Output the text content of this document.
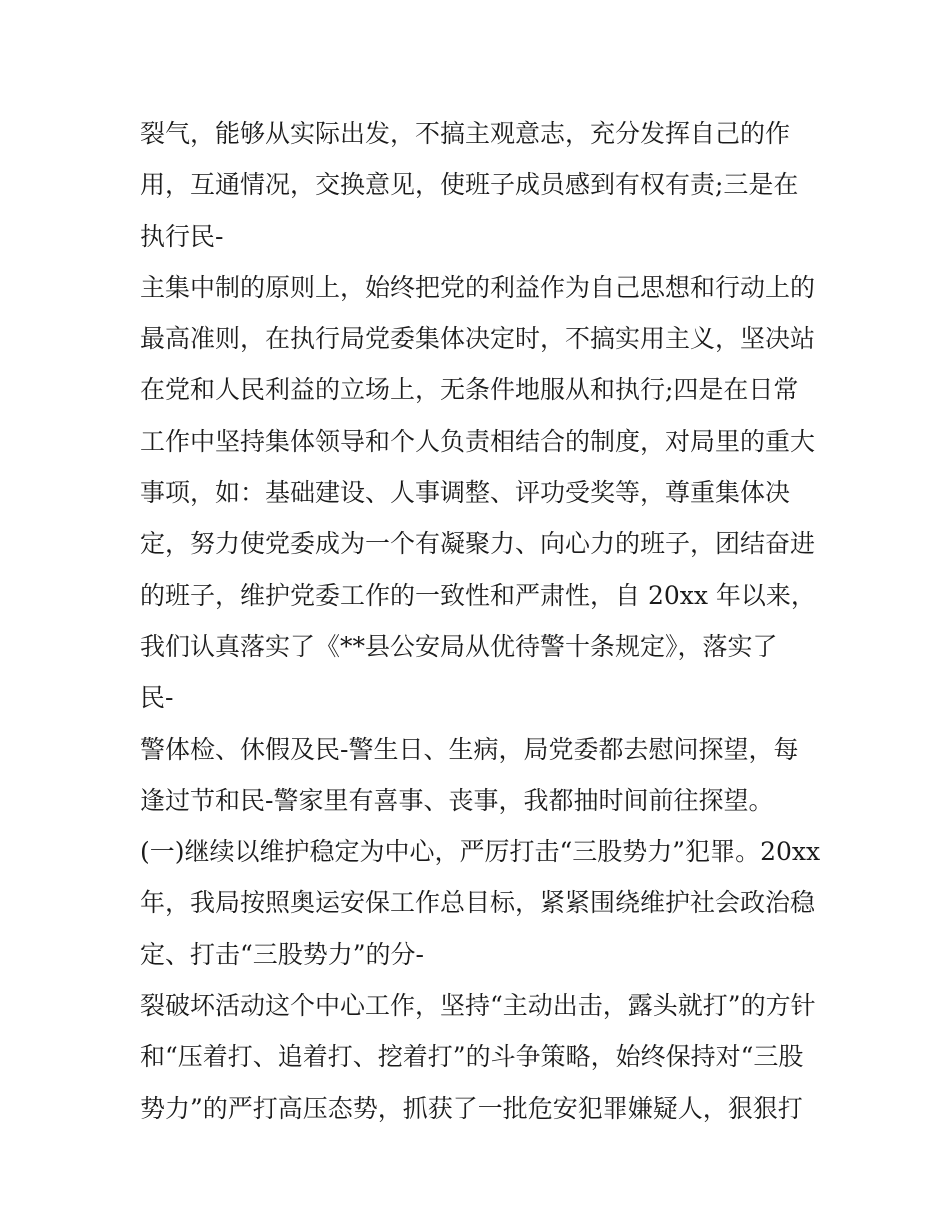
裂气，能够从实际出发，不搞主观意志，充分发挥自己的作
用，互通情况，交换意见，使班子成员感到有权有责;三是在
执行民-
主集中制的原则上，始终把党的利益作为自己思想和行动上的
最高准则，在执行局党委集体决定时，不搞实用主义，坚决站
在党和人民利益的立场上，无条件地服从和执行;四是在日常
工作中坚持集体领导和个人负责相结合的制度，对局里的重大
事项，如：基础建设、人事调整、评功受奖等，尊重集体决
定，努力使党委成为一个有凝聚力、向心力的班子，团结奋进
的班子，维护党委工作的一致性和严肃性，自 20xx 年以来，
我们认真落实了《**县公安局从优待警十条规定》，落实了
民-
警体检、休假及民-警生日、生病，局党委都去慰问探望，每
逢过节和民-警家里有喜事、丧事，我都抽时间前往探望。
(一)继续以维护稳定为中心，严厉打击“三股势力”犯罪。20xx
年，我局按照奥运安保工作总目标，紧紧围绕维护社会政治稳
定、打击“三股势力”的分-
裂破坏活动这个中心工作，坚持“主动出击，露头就打”的方针
和“压着打、追着打、挖着打”的斗争策略，始终保持对“三股
势力”的严打高压态势，抓获了一批危安犯罪嫌疑人，狠狠打
